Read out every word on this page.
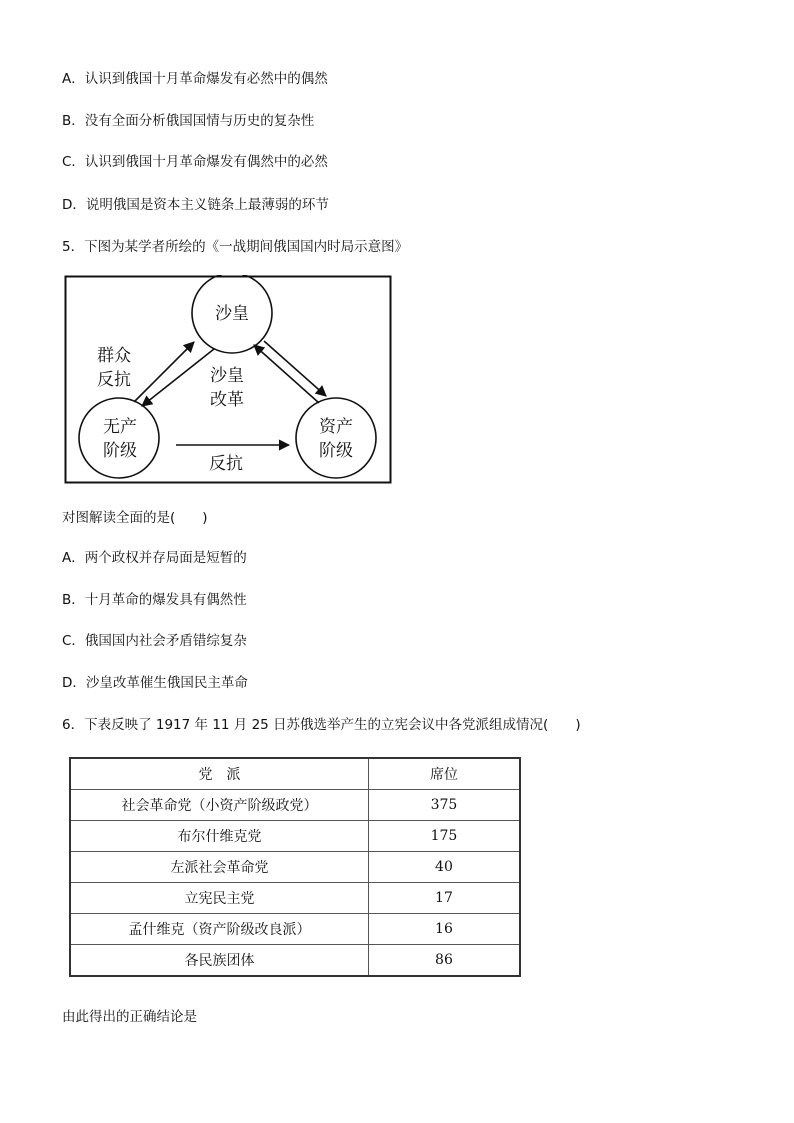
A．认识到俄国十月革命爆发有必然中的偶然
B．没有全面分析俄国国情与历史的复杂性
C．认识到俄国十月革命爆发有偶然中的必然
D．说明俄国是资本主义链条上最薄弱的环节
5．下图为某学者所绘的《一战期间俄国国内时局示意图》
沙皇
无产
阶级
资产
阶级
群众
反抗	沙皇
改革
反抗
对图解读全面的是(　　)
A．两个政权并存局面是短暂的
B．十月革命的爆发具有偶然性
C．俄国国内社会矛盾错综复杂
D．沙皇改革催生俄国民主革命
6．下表反映了 1917 年 11 月 25 日苏俄选举产生的立宪会议中各党派组成情况(　　)
党　派	席位
社会革命党（小资产阶级政党）	375
布尔什维克党	175
左派社会革命党	40
立宪民主党	17
孟什维克（资产阶级改良派）	16
各民族团体	86
由此得出的正确结论是
